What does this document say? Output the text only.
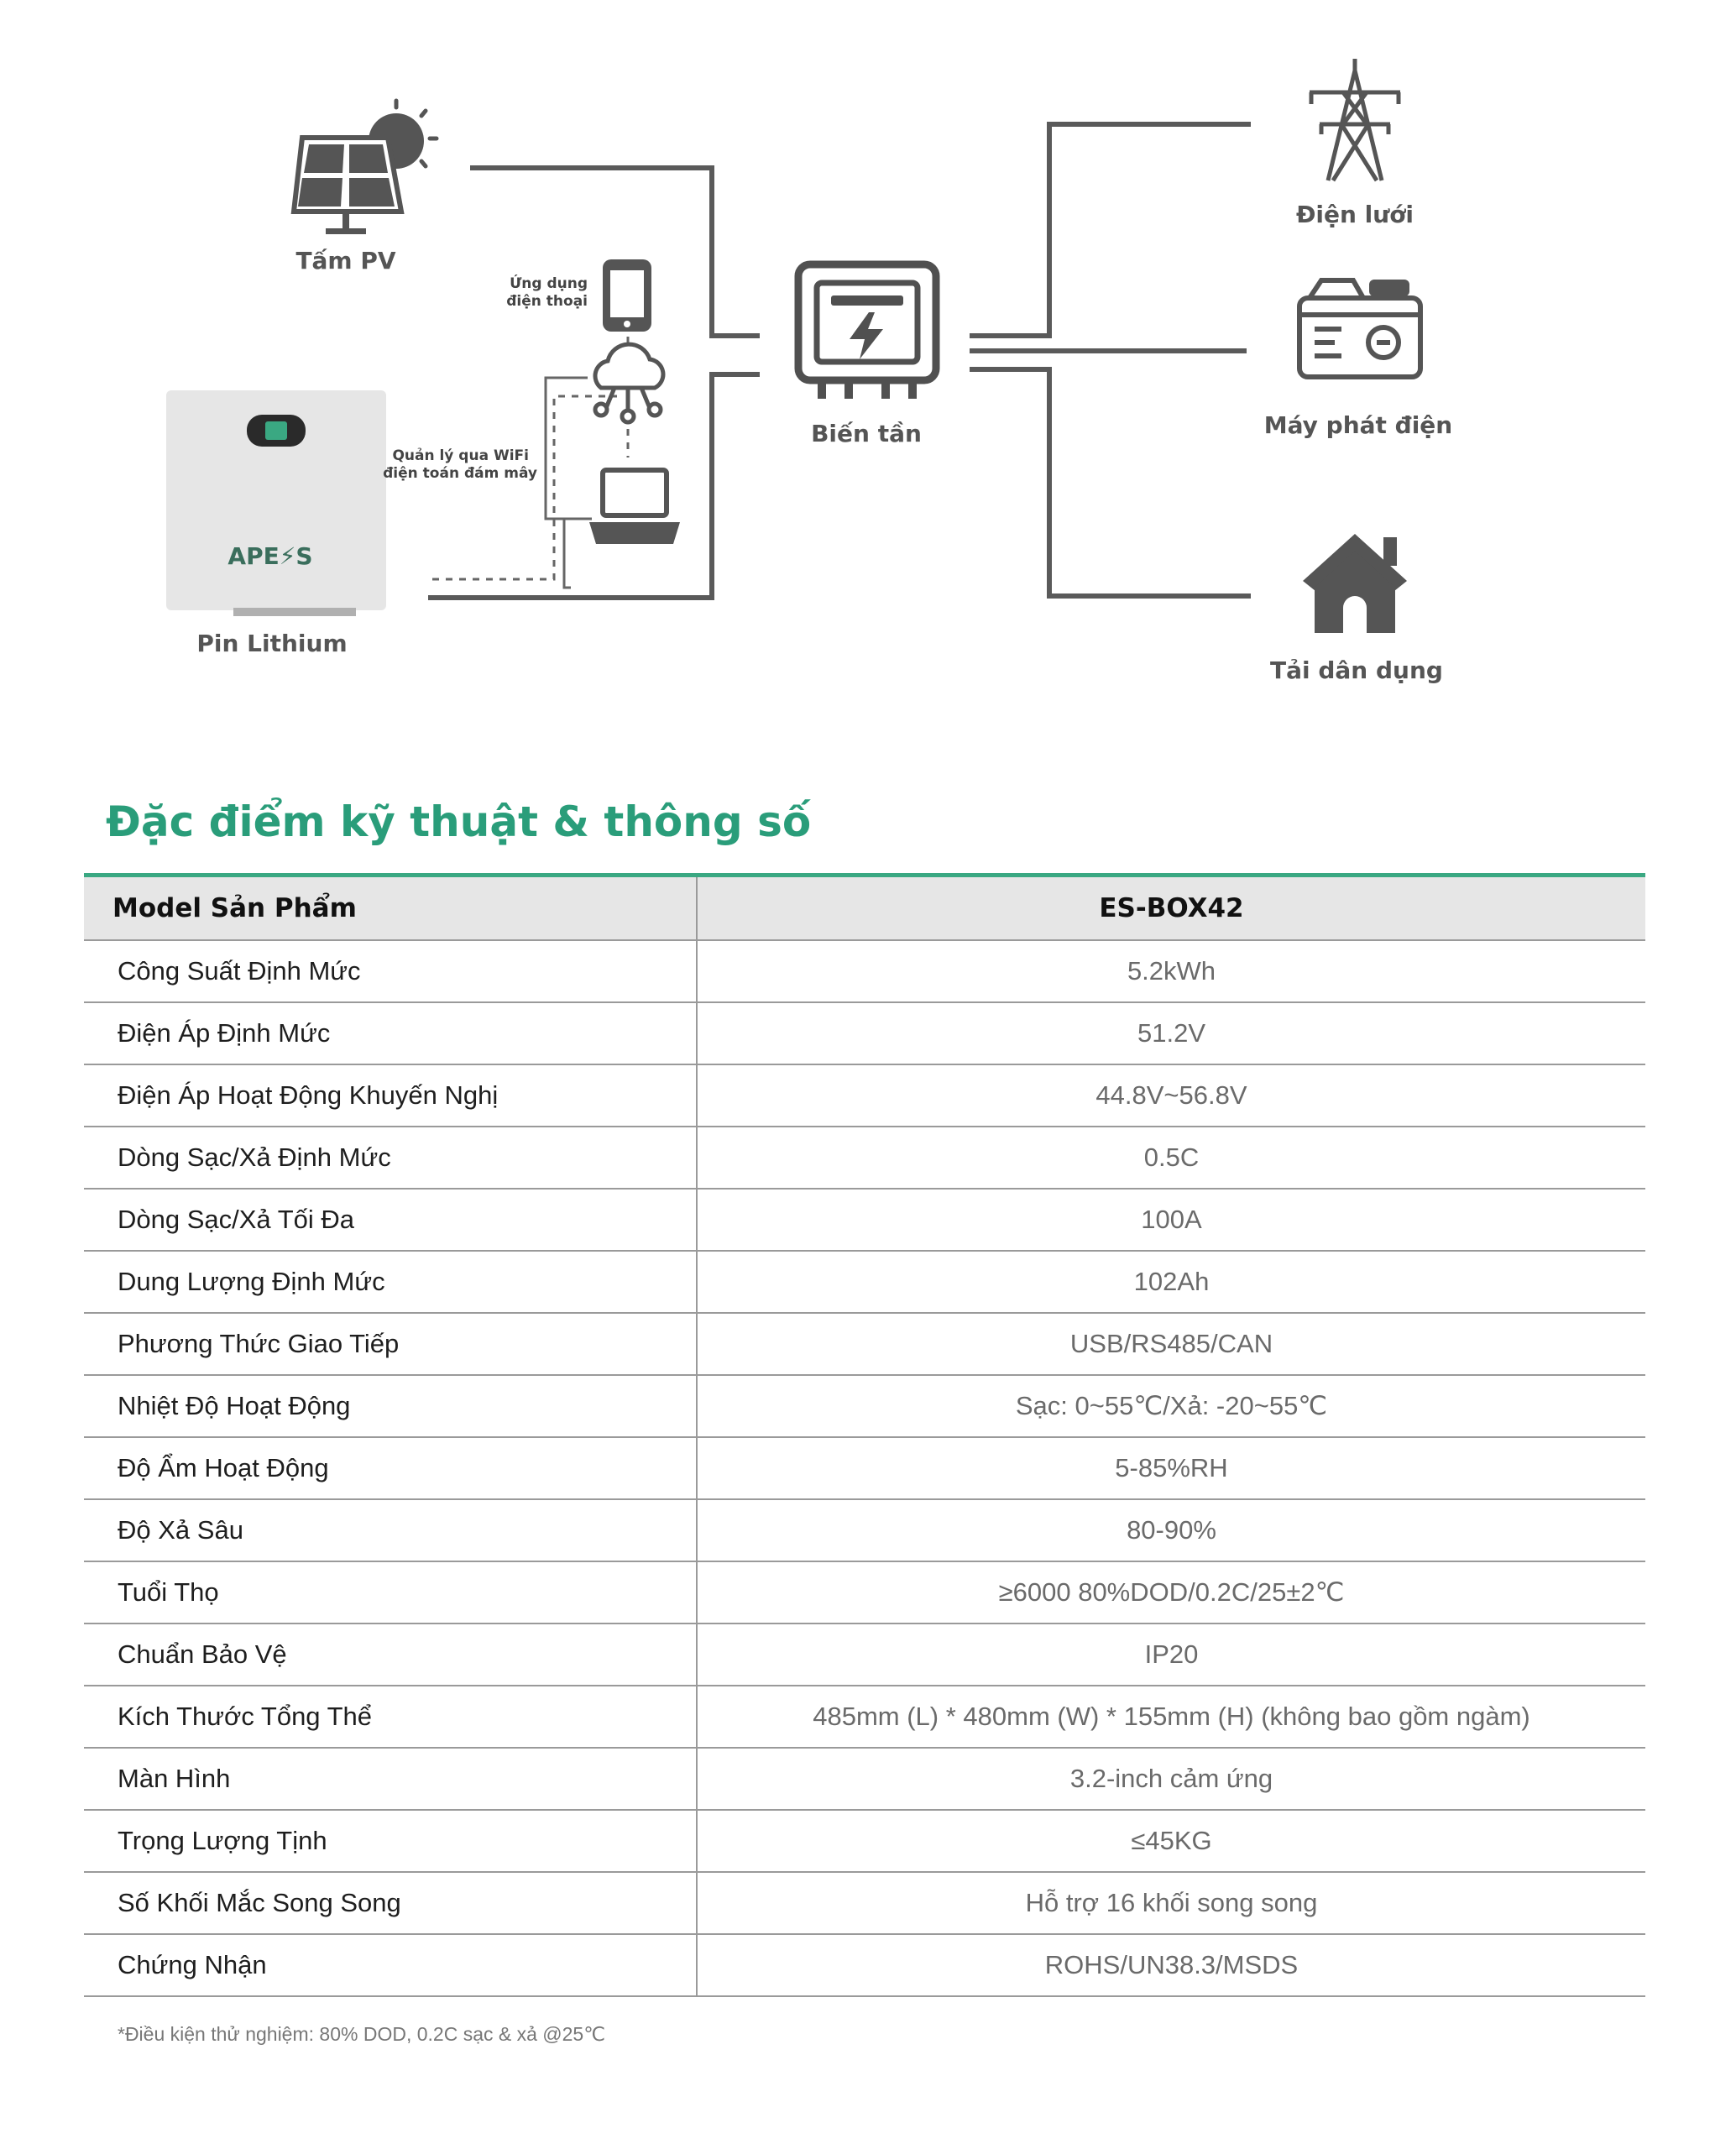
Tấm PV
APE⚡S
Pin Lithium
Ứng dụng
điện thoại
Quản lý qua WiFi
điện toán đám mây
Biến tần
Điện lưới
Máy phát điện
Tải dân dụng
Đặc điểm kỹ thuật & thông số
Model Sản Phẩm	ES-BOX42
Công Suất Định Mức	5.2kWh
Điện Áp Định Mức	51.2V
Điện Áp Hoạt Động Khuyến Nghị	44.8V~56.8V
Dòng Sạc/Xả Định Mức	0.5C
Dòng Sạc/Xả Tối Đa	100A
Dung Lượng Định Mức	102Ah
Phương Thức Giao Tiếp	USB/RS485/CAN
Nhiệt Độ Hoạt Động	Sạc: 0~55℃/Xả: -20~55℃
Độ Ẩm Hoạt Động	5-85%RH
Độ Xả Sâu	80-90%
Tuổi Thọ	≥6000 80%DOD/0.2C/25±2℃
Chuẩn Bảo Vệ	IP20
Kích Thước Tổng Thể	485mm (L) * 480mm (W) * 155mm (H) (không bao gồm ngàm)
Màn Hình	3.2-inch cảm ứng
Trọng Lượng Tịnh	≤45KG
Số Khối Mắc Song Song	Hỗ trợ 16 khối song song
Chứng Nhận	ROHS/UN38.3/MSDS
*Điều kiện thử nghiệm: 80% DOD, 0.2C sạc & xả @25℃
